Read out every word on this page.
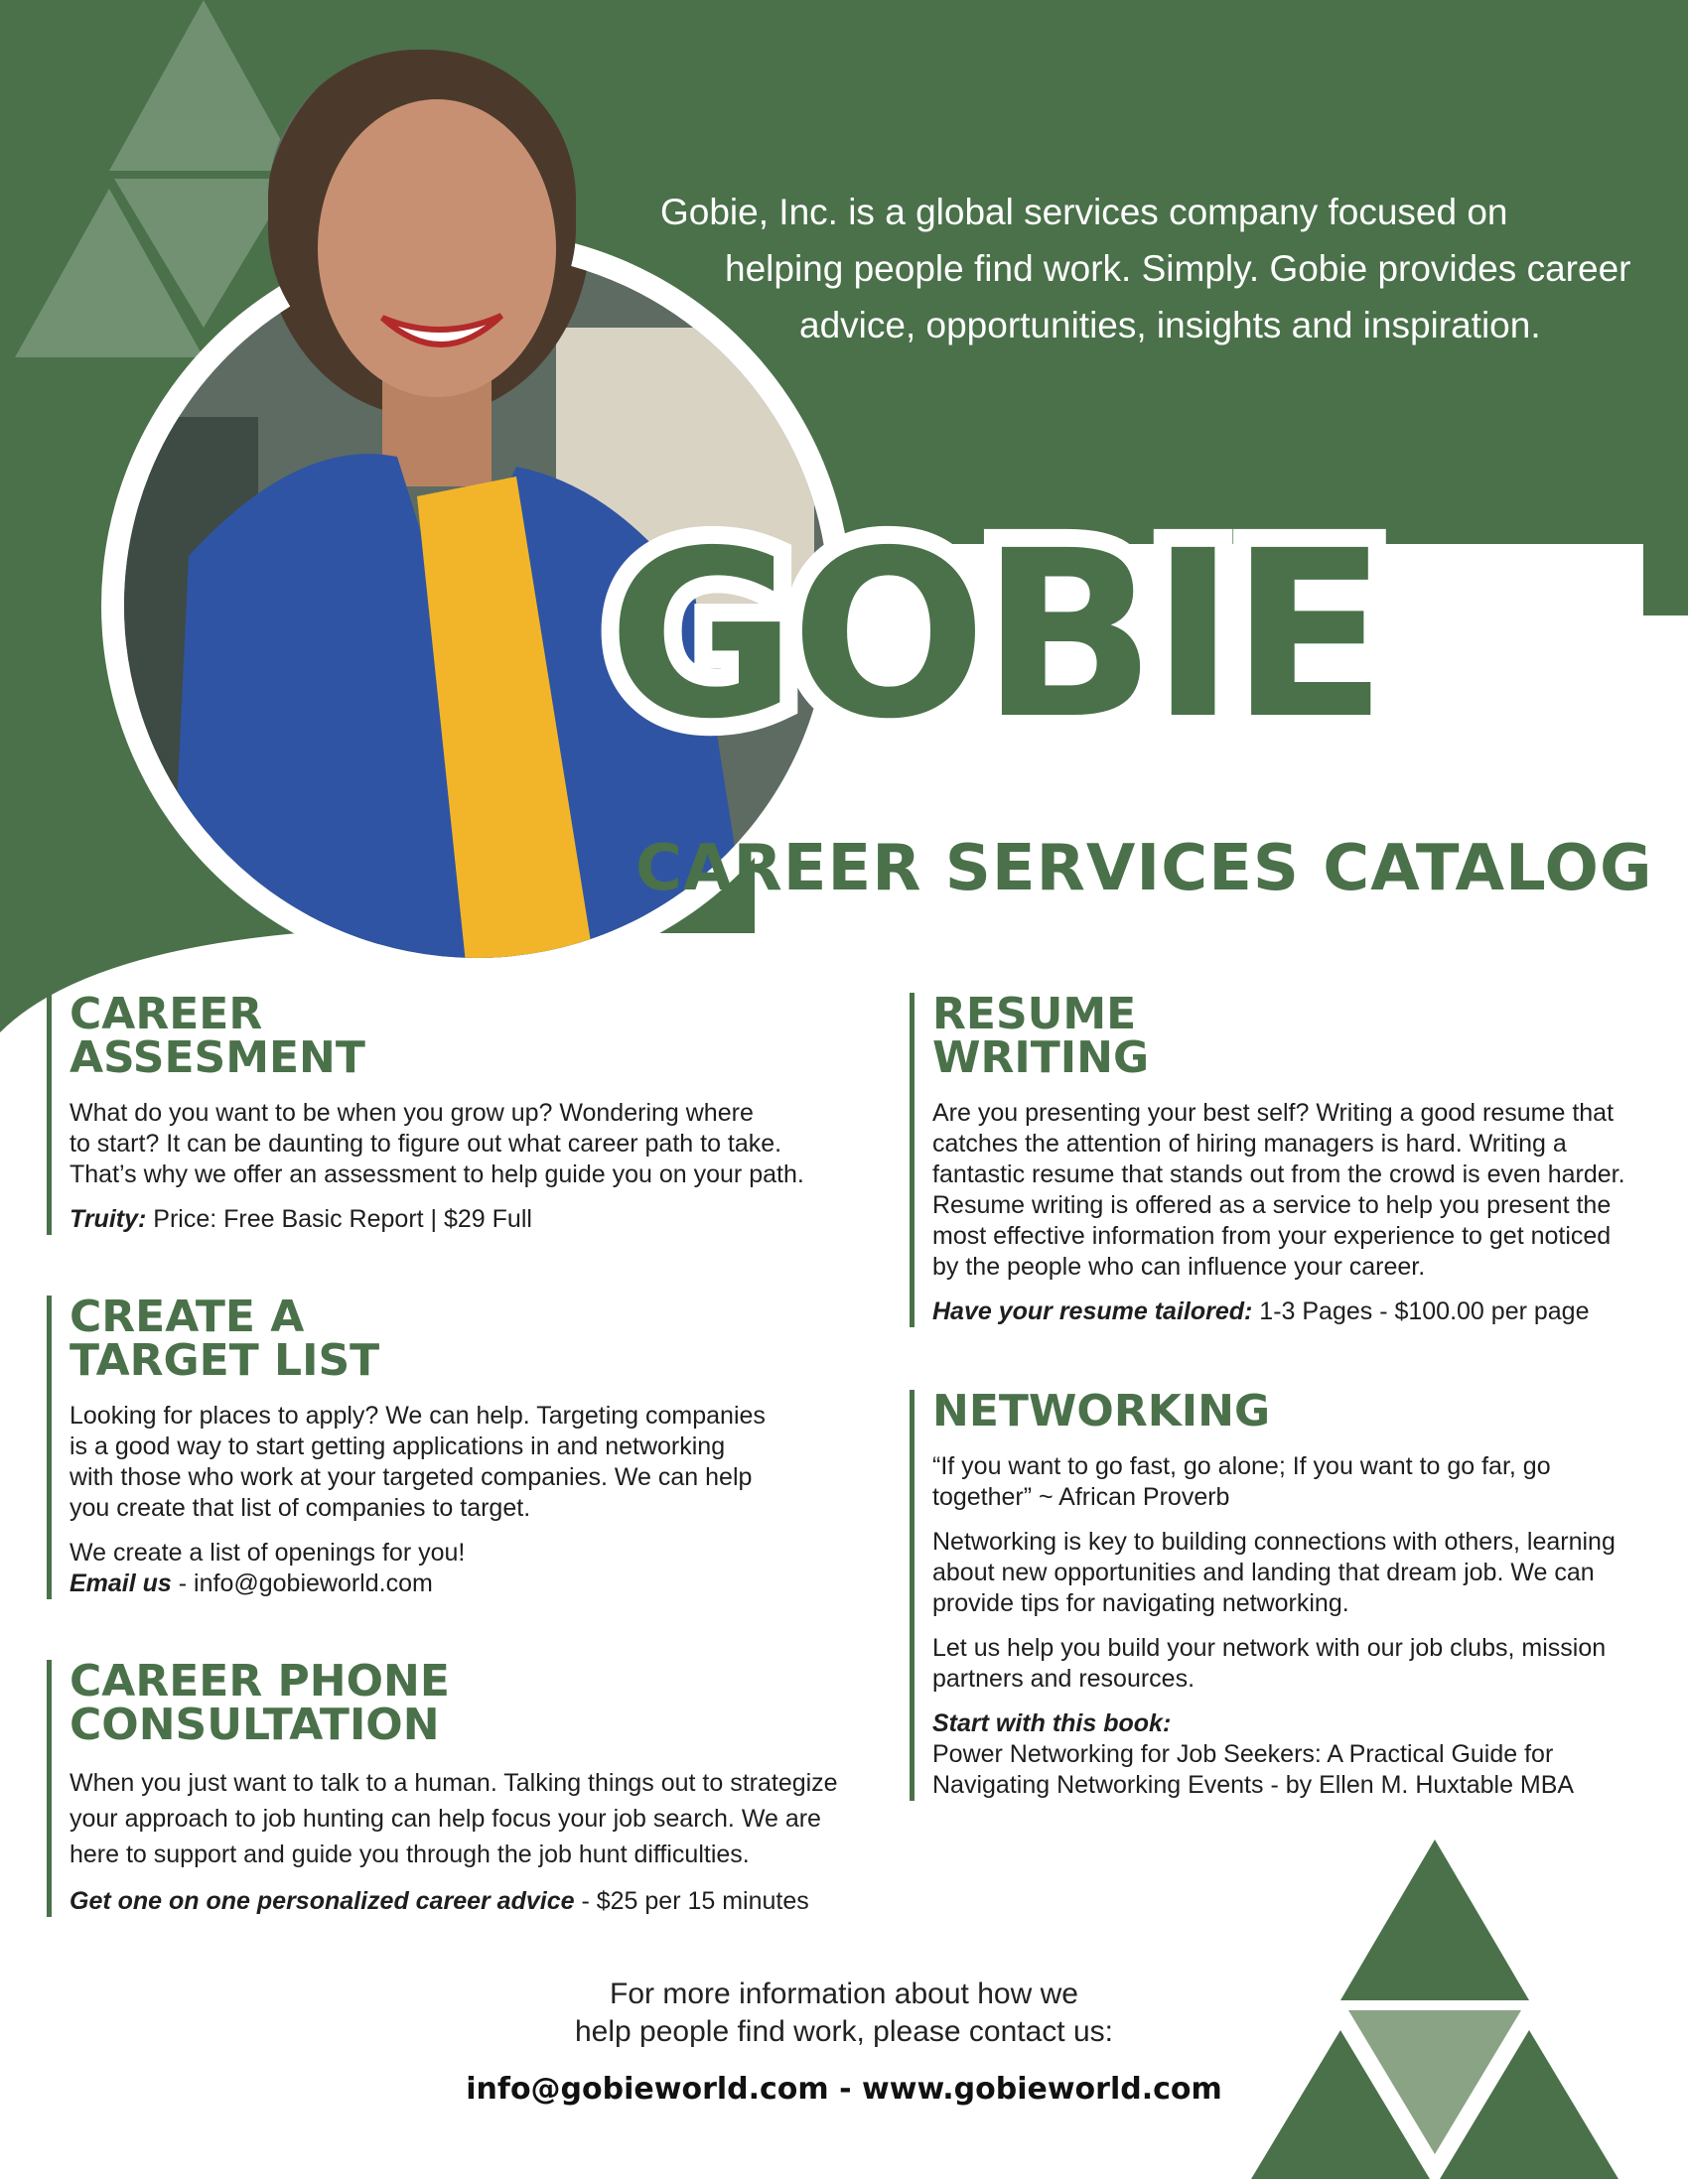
Gobie, Inc. is a global services company focused on
helping people find work. Simply. Gobie provides career
advice, opportunities, insights and inspiration.
GOBIE
CAREER SERVICES CATALOG
CAREER
ASSESMENT
What do you want to be when you grow up? Wondering where
to start? It can be daunting to figure out what career path to take.
That’s why we offer an assessment to help guide you on your path.
Truity: Price: Free Basic Report | $29 Full
CREATE A
TARGET LIST
Looking for places to apply? We can help. Targeting companies
is a good way to start getting applications in and networking
with those who work at your targeted companies. We can help
you create that list of companies to target.
We create a list of openings for you!
Email us - info@gobieworld.com
CAREER PHONE
CONSULTATION
When you just want to talk to a human. Talking things out to strategize
your approach to job hunting can help focus your job search. We are
here to support and guide you through the job hunt difficulties.
Get one on one personalized career advice - $25 per 15 minutes
RESUME
WRITING
Are you presenting your best self? Writing a good resume that
catches the attention of hiring managers is hard. Writing a
fantastic resume that stands out from the crowd is even harder.
Resume writing is offered as a service to help you present the
most effective information from your experience to get noticed
by the people who can influence your career.
Have your resume tailored: 1-3 Pages - $100.00 per page
NETWORKING
“If you want to go fast, go alone; If you want to go far, go
together” ~ African Proverb
Networking is key to building connections with others, learning
about new opportunities and landing that dream job. We can
provide tips for navigating networking.
Let us help you build your network with our job clubs, mission
partners and resources.
Start with this book:
Power Networking for Job Seekers: A Practical Guide for
Navigating Networking Events - by Ellen M. Huxtable MBA
For more information about how we
help people find work, please contact us:
info@gobieworld.com - www.gobieworld.com
